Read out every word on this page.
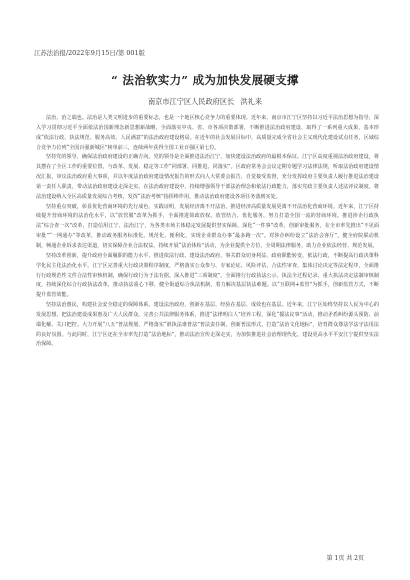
江苏法治报/2022年9月15日/第 001版
“ 法治软实力” 成为加快发展硬支撑
南京市江宁区人民政府区长 洪礼来

法治，治之端也。法治是人类文明进步的重要标志，也是一个地区核心竞争力的重要体现。近年来，南京市江宁区坚持以习近平法治思想为指导，深入学习贯彻习近平全面依法治国新理念新思想新战略，全面落实中央、省、市各项决策部署，不断推进法治政府建设，取得了一系列重大成果，基本形成“依法行政、执法规范、服务高效、人民满意”的法治政府建设格局。在近年的社会发展目标中，高质量完成全省社会主义现代化建设试点任务，区域综合竞争力位列“全国百强新城区”榜单前三，连续两年获得全国工业百强区第七位。

坚持党的领导，确保法治政府建设的正确方向。党的领导是全面推进法治江宁、加快建设法治政府的最根本保证。江宁区高度重视法治政府建设，将其摆在了全区工作的重要位置，与改革、发展、稳定等工作“同部署、同推进、同落实”。区政府常务会会议定期专题学习法律法规，听取法治政府建设情况汇报，审议法治政府重大事项，并以年度法治政府建设情况报告的形式向人大常委会报告，自觉接受监督，充分发挥政府主要负责人履行推进法治建设第一责任人职责，带动法治政府建设走深走实。在法治政府建设中，持续增强领导干部法治理念和依法行政能力，落实党政主要负责人述法评议制度。将法治建设纳入全区高质量发展综合考核，发挥“法治考核”指挥棒作用，推动法治政府建设各项任务落到实处。

坚持重点突破，彰显优化营商环境的先行成色。实践证明，发展经济离不开法治，推进经济高质量发展更离不开法治化营商环境。近年来，江宁区持续提升营商环境的法治化水平，以“放管服”改革为抓手，全面推进简政放权、放管结合、优化服务，努力打造全国一流的营商环境。推进涉企行政执法“综合查一次”改革，打造信用江宁、法治江宁，为各类市场主体稳定发展提供坚实保障。深化“一件事”改革，创新审批服务，在全市率先推出“不见面审批”“一网通办”等改革，推动政务服务标准化、规范化、便利化，实现企业群众办事“最多跑一次”。对涉企纠纷设立“法治会客厅”，健全府院联动机制，畅通企业诉求表达渠道，切实保障企业合法权益。持续开展“法治体检”活动，为企业提供全方位、全周期法律服务，助力企业依法经营、规范发展。

坚持改革创新，提升政府全面履职的能力水平。推进依法行政、建设法治政府，事关群众切身利益，政府职能转变、依法行政，不断提高行政决策科学化民主化法治化水平。江宁区完善重大行政决策程序制度，严格落实公众参与、专家论证、风险评估、合法性审查、集体讨论决定等法定程序，全面推行行政规范性文件合法性审核机制，确保行政行为于法有据。深入推进“三项制度”，全面推行行政执法公示、执法全过程记录、重大执法决定法制审核制度，持续深化综合行政执法改革，推动执法重心下移，健全街道综合执法机制，着力解决基层执法难题。以“互联网+监管”为抓手，创新监管方式，不断提升监管效能。

坚持法治惠民，构建社会安全稳定的保障体系。建设法治政府，创新在基层、经验在基层、成效也在基层。近年来，江宁区始终坚持以人民为中心的发展思想，把法治建设成果惠及广大人民群众。完善公共法律服务体系，推进“法律明白人”培养工程，深化“援法议事”活动，推动矛盾纠纷源头预防、前端化解、关口把控。大力开展“八五”普法规划，严格落实“谁执法谁普法”普法责任制，创新普法形式，打造“法治文化地标”，培育群众尊法学法守法用法的良好氛围。与此同时，江宁区还在全市率先打造“法治地标”，推动法治宣传走深走实，为加快推进社会治理现代化、建设更高水平平安江宁提供坚实法治保障。

第 1页 共 2页
